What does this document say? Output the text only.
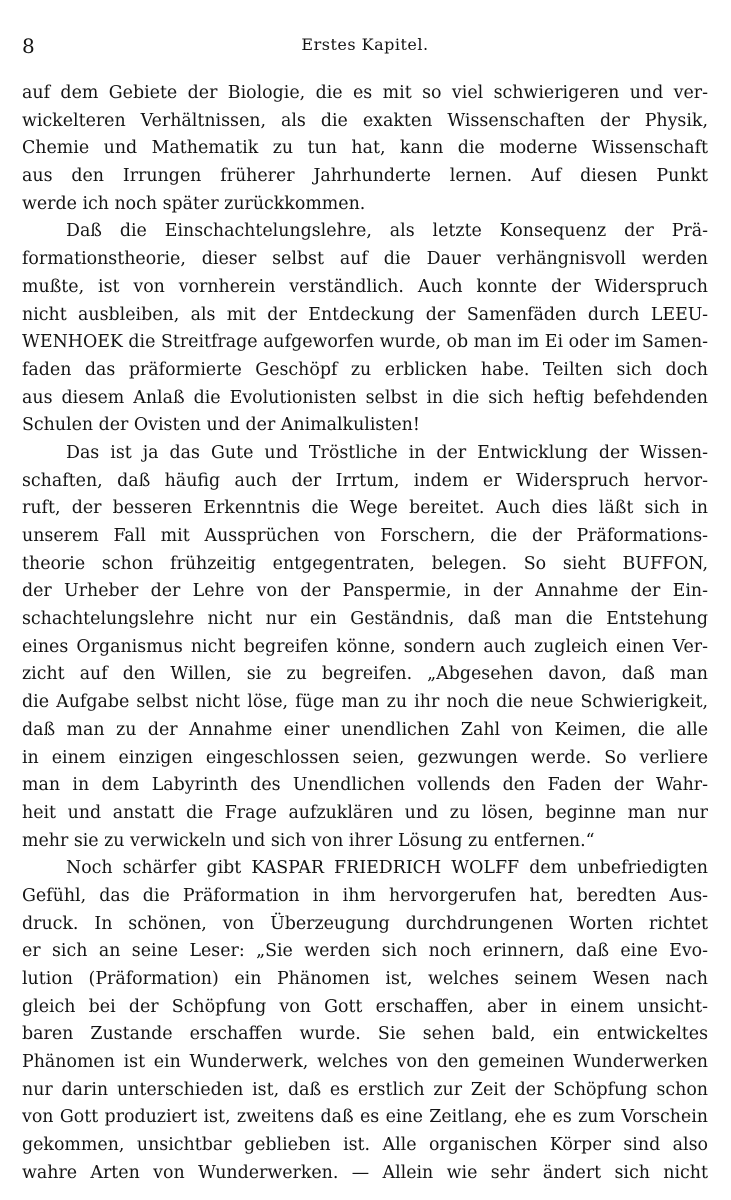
8	Erstes Kapitel.
auf dem Gebiete der Biologie, die es mit so viel schwierigeren und ver-
wickelteren Verhältnissen, als die exakten Wissenschaften der Physik,
Chemie und Mathematik zu tun hat, kann die moderne Wissenschaft
aus den Irrungen früherer Jahrhunderte lernen. Auf diesen Punkt
werde ich noch später zurückkommen.
Daß die Einschachtelungslehre, als letzte Konsequenz der Prä-
formationstheorie, dieser selbst auf die Dauer verhängnisvoll werden
mußte, ist von vornherein verständlich. Auch konnte der Widerspruch
nicht ausbleiben, als mit der Entdeckung der Samenfäden durch LEEU-
WENHOEK die Streitfrage aufgeworfen wurde, ob man im Ei oder im Samen-
faden das präformierte Geschöpf zu erblicken habe. Teilten sich doch
aus diesem Anlaß die Evolutionisten selbst in die sich heftig befehdenden
Schulen der Ovisten und der Animalkulisten!
Das ist ja das Gute und Tröstliche in der Entwicklung der Wissen-
schaften, daß häufig auch der Irrtum, indem er Widerspruch hervor-
ruft, der besseren Erkenntnis die Wege bereitet. Auch dies läßt sich in
unserem Fall mit Aussprüchen von Forschern, die der Präformations-
theorie schon frühzeitig entgegentraten, belegen. So sieht BUFFON,
der Urheber der Lehre von der Panspermie, in der Annahme der Ein-
schachtelungslehre nicht nur ein Geständnis, daß man die Entstehung
eines Organismus nicht begreifen könne, sondern auch zugleich einen Ver-
zicht auf den Willen, sie zu begreifen. „Abgesehen davon, daß man
die Aufgabe selbst nicht löse, füge man zu ihr noch die neue Schwierigkeit,
daß man zu der Annahme einer unendlichen Zahl von Keimen, die alle
in einem einzigen eingeschlossen seien, gezwungen werde. So verliere
man in dem Labyrinth des Unendlichen vollends den Faden der Wahr-
heit und anstatt die Frage aufzuklären und zu lösen, beginne man nur
mehr sie zu verwickeln und sich von ihrer Lösung zu entfernen.“
Noch schärfer gibt KASPAR FRIEDRICH WOLFF dem unbefriedigten
Gefühl, das die Präformation in ihm hervorgerufen hat, beredten Aus-
druck. In schönen, von Überzeugung durchdrungenen Worten richtet
er sich an seine Leser: „Sie werden sich noch erinnern, daß eine Evo-
lution (Präformation) ein Phänomen ist, welches seinem Wesen nach
gleich bei der Schöpfung von Gott erschaffen, aber in einem unsicht-
baren Zustande erschaffen wurde. Sie sehen bald, ein entwickeltes
Phänomen ist ein Wunderwerk, welches von den gemeinen Wunderwerken
nur darin unterschieden ist, daß es erstlich zur Zeit der Schöpfung schon
von Gott produziert ist, zweitens daß es eine Zeitlang, ehe es zum Vorschein
gekommen, unsichtbar geblieben ist. Alle organischen Körper sind also
wahre Arten von Wunderwerken. — Allein wie sehr ändert sich nicht
